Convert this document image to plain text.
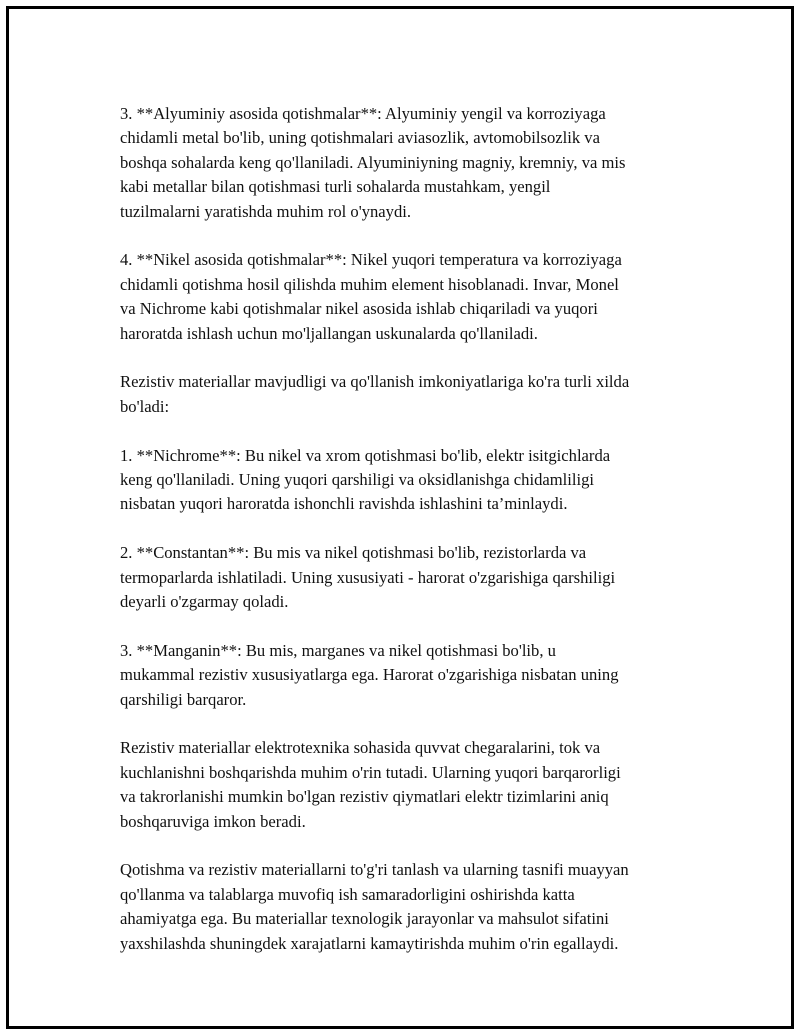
3. **Alyuminiy asosida qotishmalar**: Alyuminiy yengil va korroziyaga
chidamli metal bo'lib, uning qotishmalari aviasozlik, avtomobilsozlik va
boshqa sohalarda keng qo'llaniladi. Alyuminiyning magniy, kremniy, va mis
kabi metallar bilan qotishmasi turli sohalarda mustahkam, yengil
tuzilmalarni yaratishda muhim rol o'ynaydi.

4. **Nikel asosida qotishmalar**: Nikel yuqori temperatura va korroziyaga
chidamli qotishma hosil qilishda muhim element hisoblanadi. Invar, Monel
va Nichrome kabi qotishmalar nikel asosida ishlab chiqariladi va yuqori
haroratda ishlash uchun mo'ljallangan uskunalarda qo'llaniladi.

Rezistiv materiallar mavjudligi va qo'llanish imkoniyatlariga ko'ra turli xilda
bo'ladi:

1. **Nichrome**: Bu nikel va xrom qotishmasi bo'lib, elektr isitgichlarda
keng qo'llaniladi. Uning yuqori qarshiligi va oksidlanishga chidamliligi
nisbatan yuqori haroratda ishonchli ravishda ishlashini ta’minlaydi.

2. **Constantan**: Bu mis va nikel qotishmasi bo'lib, rezistorlarda va
termoparlarda ishlatiladi. Uning xususiyati - harorat o'zgarishiga qarshiligi
deyarli o'zgarmay qoladi.

3. **Manganin**: Bu mis, marganes va nikel qotishmasi bo'lib, u
mukammal rezistiv xususiyatlarga ega. Harorat o'zgarishiga nisbatan uning
qarshiligi barqaror.

Rezistiv materiallar elektrotexnika sohasida quvvat chegaralarini, tok va
kuchlanishni boshqarishda muhim o'rin tutadi. Ularning yuqori barqarorligi
va takrorlanishi mumkin bo'lgan rezistiv qiymatlari elektr tizimlarini aniq
boshqaruviga imkon beradi.

Qotishma va rezistiv materiallarni to'g'ri tanlash va ularning tasnifi muayyan
qo'llanma va talablarga muvofiq ish samaradorligini oshirishda katta
ahamiyatga ega. Bu materiallar texnologik jarayonlar va mahsulot sifatini
yaxshilashda shuningdek xarajatlarni kamaytirishda muhim o'rin egallaydi.
